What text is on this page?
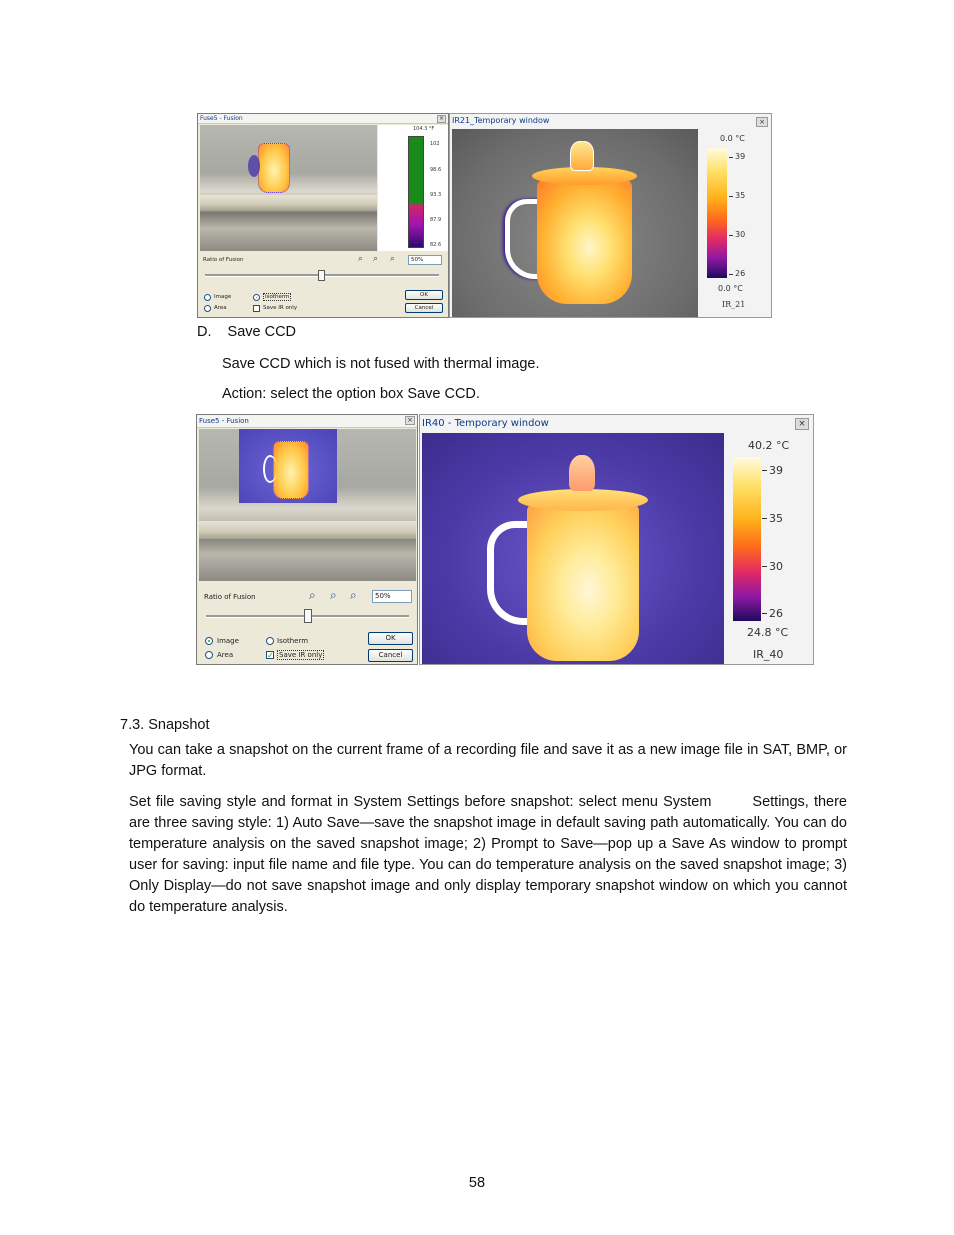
Fuse5 - Fusion	×
104.3 °F
102
98.6
93.3
87.9
82.6
Ratio of Fusion	⌕ ⌕ ⌕	50%
Image
Area
Isotherm
Save IR only
OK
Cancel
IR21_Temporary window	×
0.0 °C
39
35
30
26
0.0 °C
IR_21
D. Save CCD
Save CCD which is not fused with thermal image.
Action: select the option box Save CCD.
Fuse5 - Fusion	×
Ratio of Fusion	⌕ ⌕ ⌕	50%
Image
Area
Isotherm
✓ Save IR only
OK
Cancel
IR40 - Temporary window	×
40.2 °C
39
35
30
26
24.8 °C
IR_40
7.3. Snapshot
You can take a snapshot on the current frame of a recording file and save it as a new image file in SAT, BMP, or JPG format.
Set file saving style and format in System Settings before snapshot: select menu System        Settings, there are three saving style: 1) Auto Save—save the snapshot image in default saving path automatically. You can do temperature analysis on the saved snapshot image; 2) Prompt to Save—pop up a Save As window to prompt user for saving: input file name and file type. You can do temperature analysis on the saved snapshot image; 3) Only Display—do not save snapshot image and only display temporary snapshot window on which you cannot do temperature analysis.
58
